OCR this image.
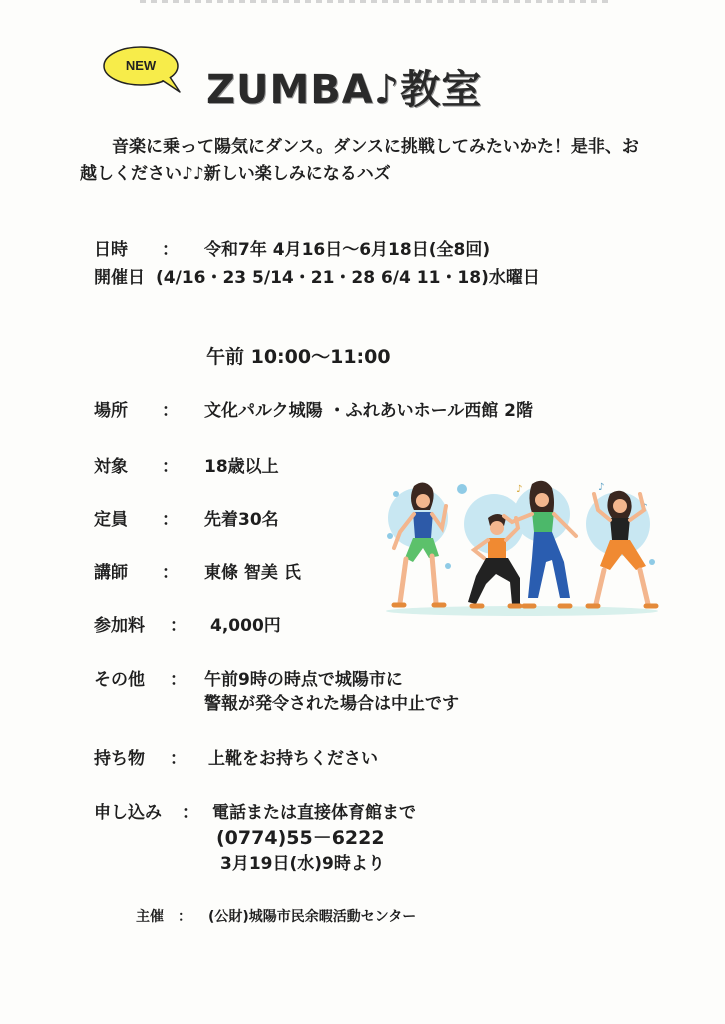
NEW
ZUMBA♪教室
音楽に乗って陽気にダンス。ダンスに挑戦してみたいかた！是非、お越しください♪♪新しい楽しみになるハズ
日時 ： 令和7年 4月16日～6月18日(全8回)
開催日 (4/16・23 5/14・21・28 6/4 11・18)水曜日
午前 10:00～11:00
場所 ： 文化パルク城陽 ・ふれあいホール西館 2階
対象 ： 18歳以上
定員 ： 先着30名
講師 ： 東條 智美 氏
参加料 ： 4,000円
その他 ： 午前9時の時点で城陽市に
警報が発令された場合は中止です
持ち物 ： 上靴をお持ちください
申し込み ： 電話または直接体育館まで
(0774)55－6222
3月19日(水)9時より
主催 ： (公財)城陽市民余暇活動センター
♪	♪
♪
